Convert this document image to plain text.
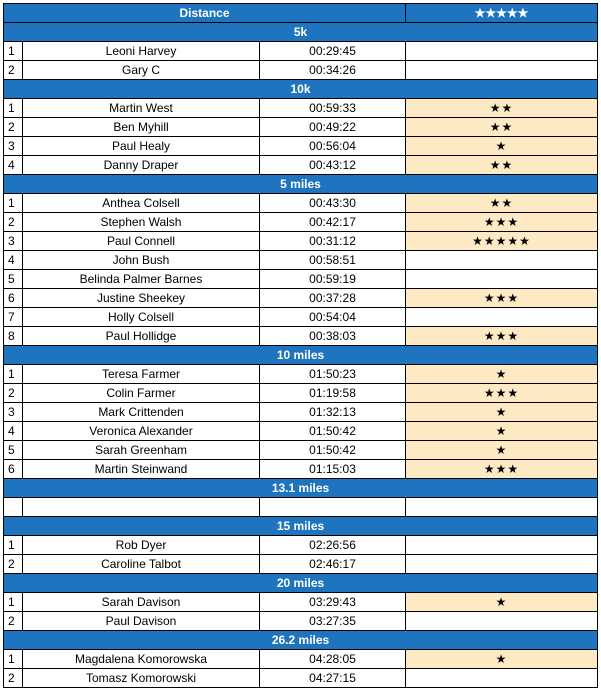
Distance			★★★★★
5k			
1	Leoni Harvey	00:29:45	
2	Gary C	00:34:26	
10k			
1	Martin West	00:59:33	★★
2	Ben Myhill	00:49:22	★★
3	Paul Healy	00:56:04	★
4	Danny Draper	00:43:12	★★
5 miles			
1	Anthea Colsell	00:43:30	★★
2	Stephen Walsh	00:42:17	★★★
3	Paul Connell	00:31:12	★★★★★
4	John Bush	00:58:51	
5	Belinda Palmer Barnes	00:59:19	
6	Justine Sheekey	00:37:28	★★★
7	Holly Colsell	00:54:04	
8	Paul Hollidge	00:38:03	★★★
10 miles			
1	Teresa Farmer	01:50:23	★
2	Colin Farmer	01:19:58	★★★
3	Mark Crittenden	01:32:13	★
4	Veronica Alexander	01:50:42	★
5	Sarah Greenham	01:50:42	★
6	Martin Steinwand	01:15:03	★★★
13.1 miles			

15 miles			
1	Rob Dyer	02:26:56	
2	Caroline Talbot	02:46:17	
20 miles			
1	Sarah Davison	03:29:43	★
2	Paul Davison	03:27:35	
26.2 miles			
1	Magdalena Komorowska	04:28:05	★
2	Tomasz Komorowski	04:27:15	
